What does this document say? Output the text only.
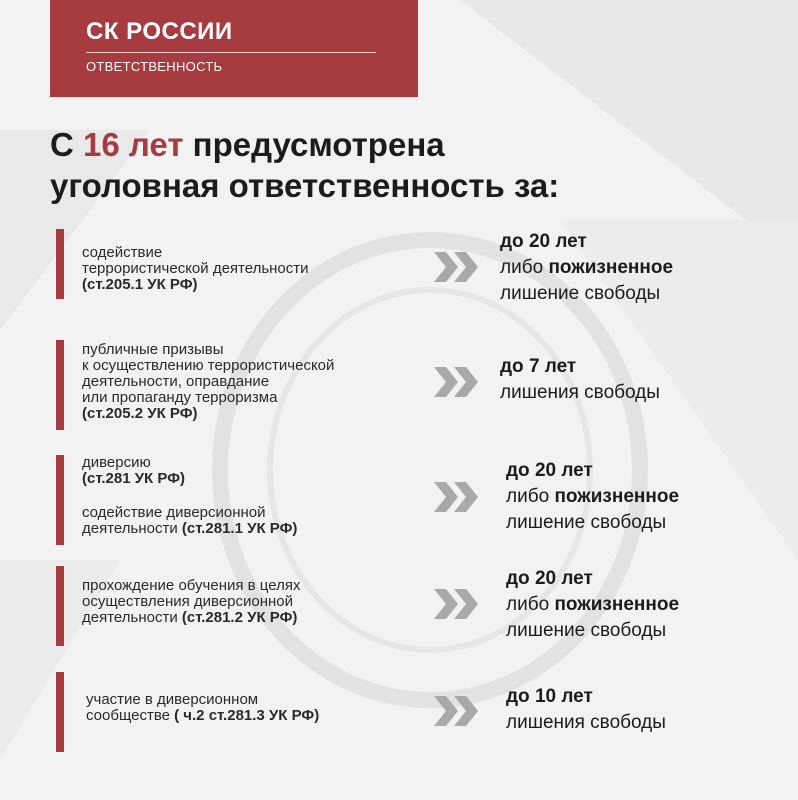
СК РОССИИ
ОТВЕТСТВЕННОСТЬ
С 16 лет предусмотрена
уголовная ответственность за:
содействие
террористической деятельности
(ст.205.1 УК РФ)
до 20 лет
либо пожизненное
лишение свободы
публичные призывы
к осуществлению террористической
деятельности, оправдание
или пропаганду терроризма
(ст.205.2 УК РФ)
до 7 лет
лишения свободы
диверсию
(ст.281 УК РФ)
содействие диверсионной
деятельности (ст.281.1 УК РФ)
до 20 лет
либо пожизненное
лишение свободы
прохождение обучения в целях
осуществления диверсионной
деятельности (ст.281.2 УК РФ)
до 20 лет
либо пожизненное
лишение свободы
участие в диверсионном
сообществе ( ч.2 ст.281.3 УК РФ)
до 10 лет
лишения свободы
